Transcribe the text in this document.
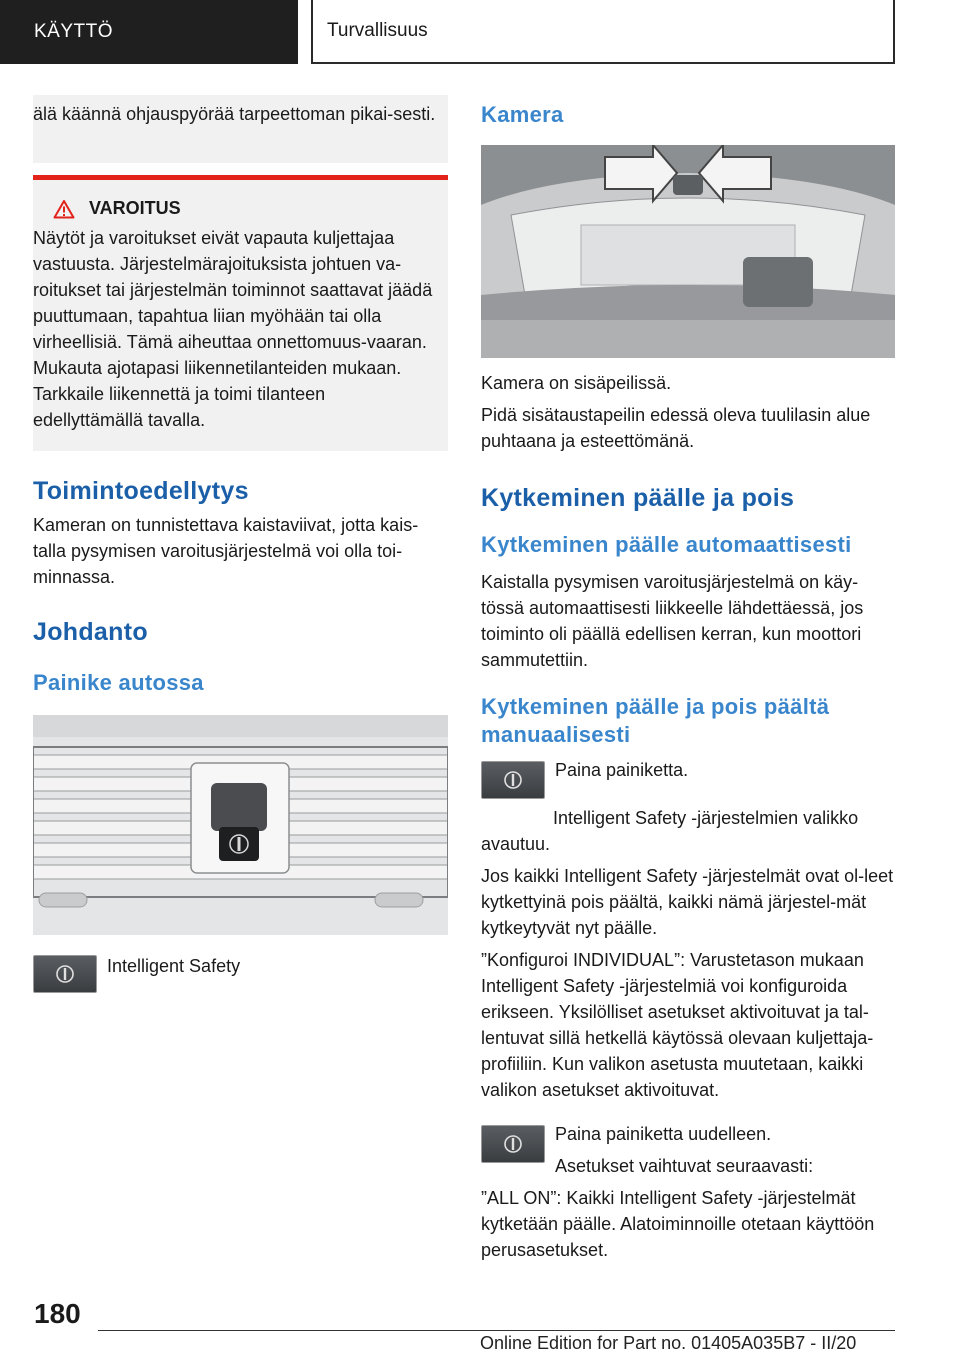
KÄYTTÖ	Turvallisuus

älä käännä ohjauspyörää tarpeettoman pikai-sesti.

VAROITUS

Näytöt ja varoitukset eivät vapauta kuljettajaa vastuusta. Järjestelmärajoituksista johtuen va-roitukset tai järjestelmän toiminnot saattavat jäädä puuttumaan, tapahtua liian myöhään tai olla virheellisiä. Tämä aiheuttaa onnettomuus-vaaran. Mukauta ajotapasi liikennetilanteiden mukaan. Tarkkaile liikennettä ja toimi tilanteen edellyttämällä tavalla.

Toimintoedellytys

Kameran on tunnistettava kaistaviivat, jotta kais-talla pysymisen varoitusjärjestelmä voi olla toi-minnassa.

Johdanto
Painike autossa

Intelligent Safety

Kamera

Kamera on sisäpeilissä.

Pidä sisätaustapeilin edessä oleva tuulilasin alue puhtaana ja esteettömänä.

Kytkeminen päälle ja pois
Kytkeminen päälle automaattisesti

Kaistalla pysymisen varoitusjärjestelmä on käy-tössä automaattisesti liikkeelle lähdettäessä, jos toiminto oli päällä edellisen kerran, kun moottori sammutettiin.

Kytkeminen päälle ja pois päältä manuaalisesti

Paina painiketta.

Intelligent Safety -järjestelmien valikko avautuu.

Jos kaikki Intelligent Safety -järjestelmät ovat ol-leet kytkettyinä pois päältä, kaikki nämä järjestel-mät kytkeytyvät nyt päälle.

”Konfiguroi INDIVIDUAL”: Varustetason mukaan Intelligent Safety -järjestelmiä voi konfiguroida erikseen. Yksilölliset asetukset aktivoituvat ja tal-lentuvat sillä hetkellä käytössä olevaan kuljettaja-profiiliin. Kun valikon asetusta muutetaan, kaikki valikon asetukset aktivoituvat.

Paina painiketta uudelleen.

Asetukset vaihtuvat seuraavasti:

”ALL ON”: Kaikki Intelligent Safety -järjestelmät kytketään päälle. Alatoiminnoille otetaan käyttöön perusasetukset.

180
Online Edition for Part no. 01405A035B7 - II/20
